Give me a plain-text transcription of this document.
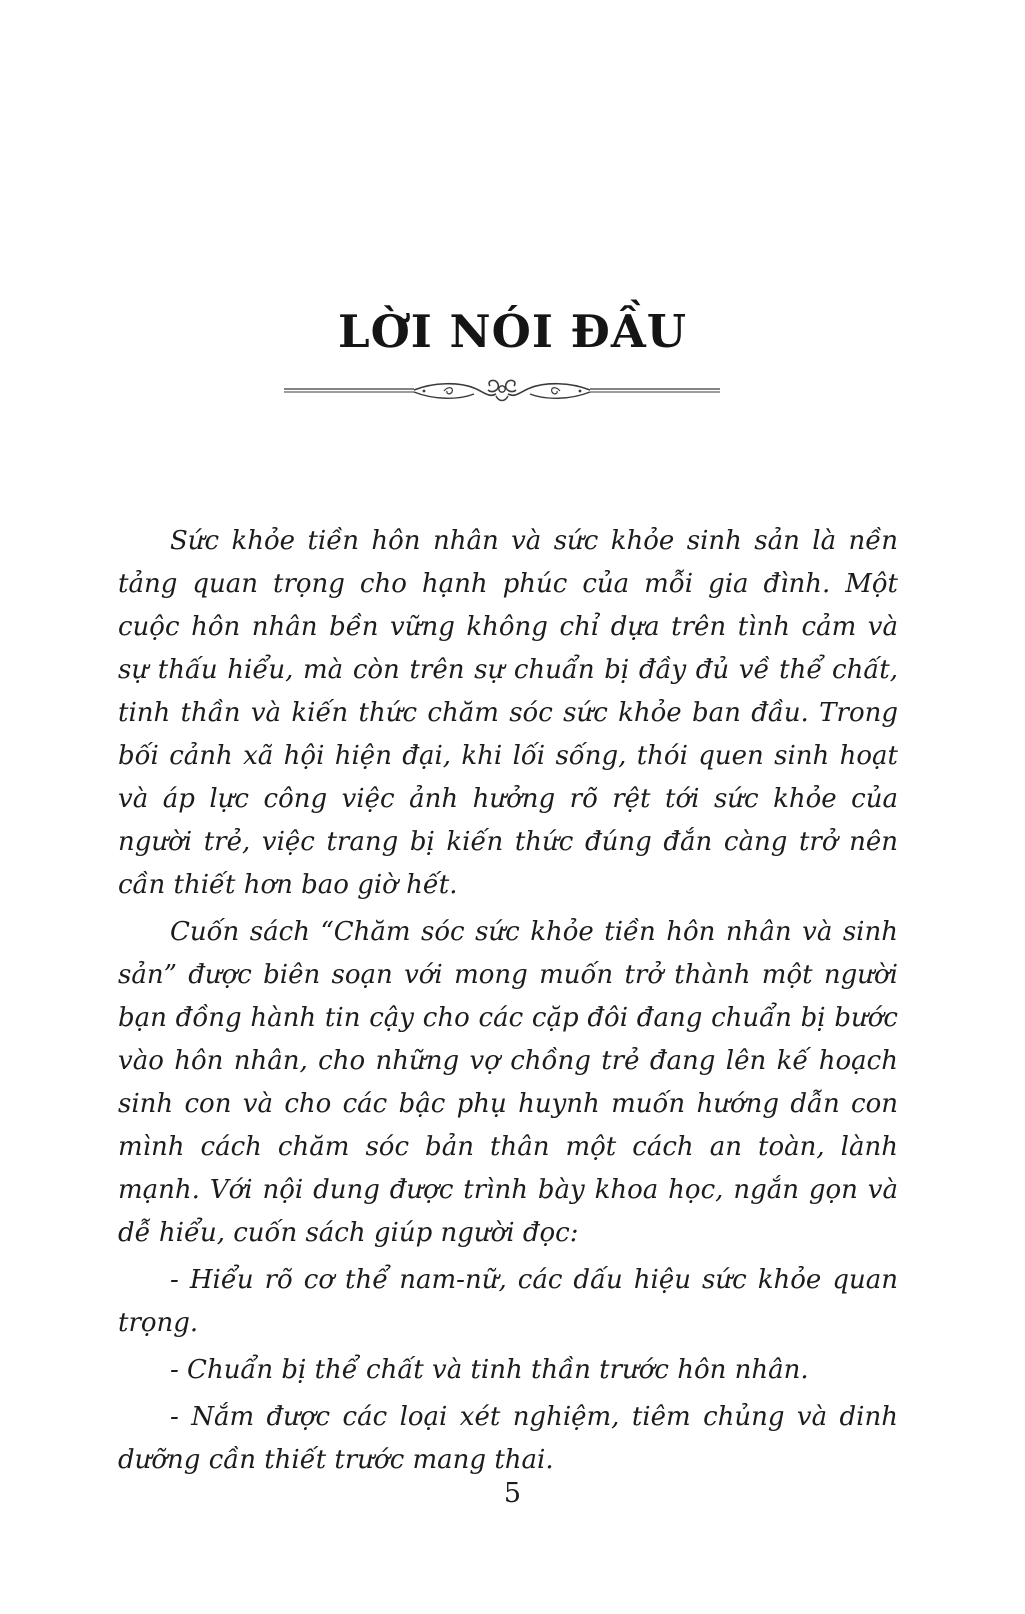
LỜI NÓI ĐẦU

Sức khỏe tiền hôn nhân và sức khỏe sinh sản là nền tảng quan trọng cho hạnh phúc của mỗi gia đình. Một cuộc hôn nhân bền vững không chỉ dựa trên tình cảm và sự thấu hiểu, mà còn trên sự chuẩn bị đầy đủ về thể chất, tinh thần và kiến thức chăm sóc sức khỏe ban đầu. Trong bối cảnh xã hội hiện đại, khi lối sống, thói quen sinh hoạt và áp lực công việc ảnh hưởng rõ rệt tới sức khỏe của người trẻ, việc trang bị kiến thức đúng đắn càng trở nên cần thiết hơn bao giờ hết.

Cuốn sách “Chăm sóc sức khỏe tiền hôn nhân và sinh sản” được biên soạn với mong muốn trở thành một người bạn đồng hành tin cậy cho các cặp đôi đang chuẩn bị bước vào hôn nhân, cho những vợ chồng trẻ đang lên kế hoạch sinh con và cho các bậc phụ huynh muốn hướng dẫn con mình cách chăm sóc bản thân một cách an toàn, lành mạnh. Với nội dung được trình bày khoa học, ngắn gọn và dễ hiểu, cuốn sách giúp người đọc:

- Hiểu rõ cơ thể nam-nữ, các dấu hiệu sức khỏe quan trọng.

- Chuẩn bị thể chất và tinh thần trước hôn nhân.

- Nắm được các loại xét nghiệm, tiêm chủng và dinh dưỡng cần thiết trước mang thai.

5
